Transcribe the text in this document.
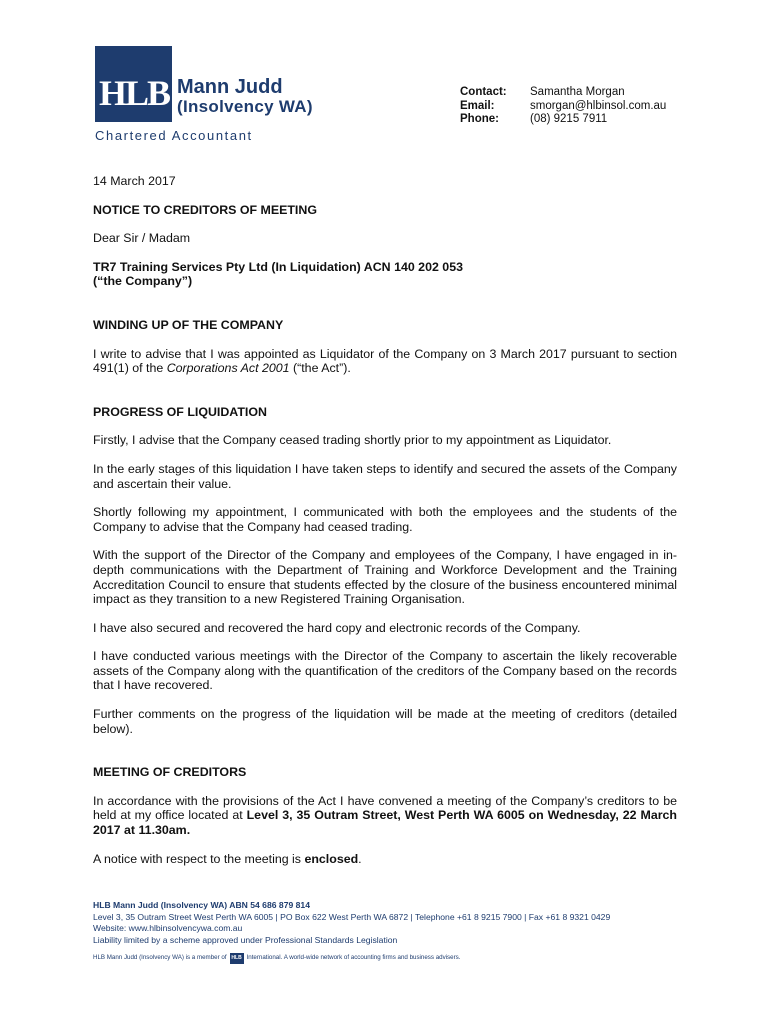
HLB Mann Judd
(Insolvency WA)
Chartered Accountant
Contact:	Samantha Morgan
Email:	smorgan@hlbinsol.com.au
Phone:	(08) 9215 7911

14 March 2017

NOTICE TO CREDITORS OF MEETING

Dear Sir / Madam

TR7 Training Services Pty Ltd (In Liquidation) ACN 140 202 053
(“the Company”)

WINDING UP OF THE COMPANY

I write to advise that I was appointed as Liquidator of the Company on 3 March 2017 pursuant to section 491(1) of the Corporations Act 2001 (“the Act”).

PROGRESS OF LIQUIDATION

Firstly, I advise that the Company ceased trading shortly prior to my appointment as Liquidator.

In the early stages of this liquidation I have taken steps to identify and secured the assets of the Company and ascertain their value.

Shortly following my appointment, I communicated with both the employees and the students of the Company to advise that the Company had ceased trading.

With the support of the Director of the Company and employees of the Company, I have engaged in in-depth communications with the Department of Training and Workforce Development and the Training Accreditation Council to ensure that students effected by the closure of the business encountered minimal impact as they transition to a new Registered Training Organisation.

I have also secured and recovered the hard copy and electronic records of the Company.

I have conducted various meetings with the Director of the Company to ascertain the likely recoverable assets of the Company along with the quantification of the creditors of the Company based on the records that I have recovered.

Further comments on the progress of the liquidation will be made at the meeting of creditors (detailed below).

MEETING OF CREDITORS

In accordance with the provisions of the Act I have convened a meeting of the Company’s creditors to be held at my office located at Level 3, 35 Outram Street, West Perth WA 6005 on Wednesday, 22 March 2017 at 11.30am.

A notice with respect to the meeting is enclosed.

HLB Mann Judd (Insolvency WA) ABN 54 686 879 814

Level 3, 35 Outram Street West Perth WA 6005 | PO Box 622 West Perth WA 6872 | Telephone +61 8 9215 7900 | Fax +61 8 9321 0429

Website: www.hlbinsolvencywa.com.au

Liability limited by a scheme approved under Professional Standards Legislation

HLB Mann Judd (Insolvency WA) is a member of HLB International. A world-wide network of accounting firms and business advisers.
